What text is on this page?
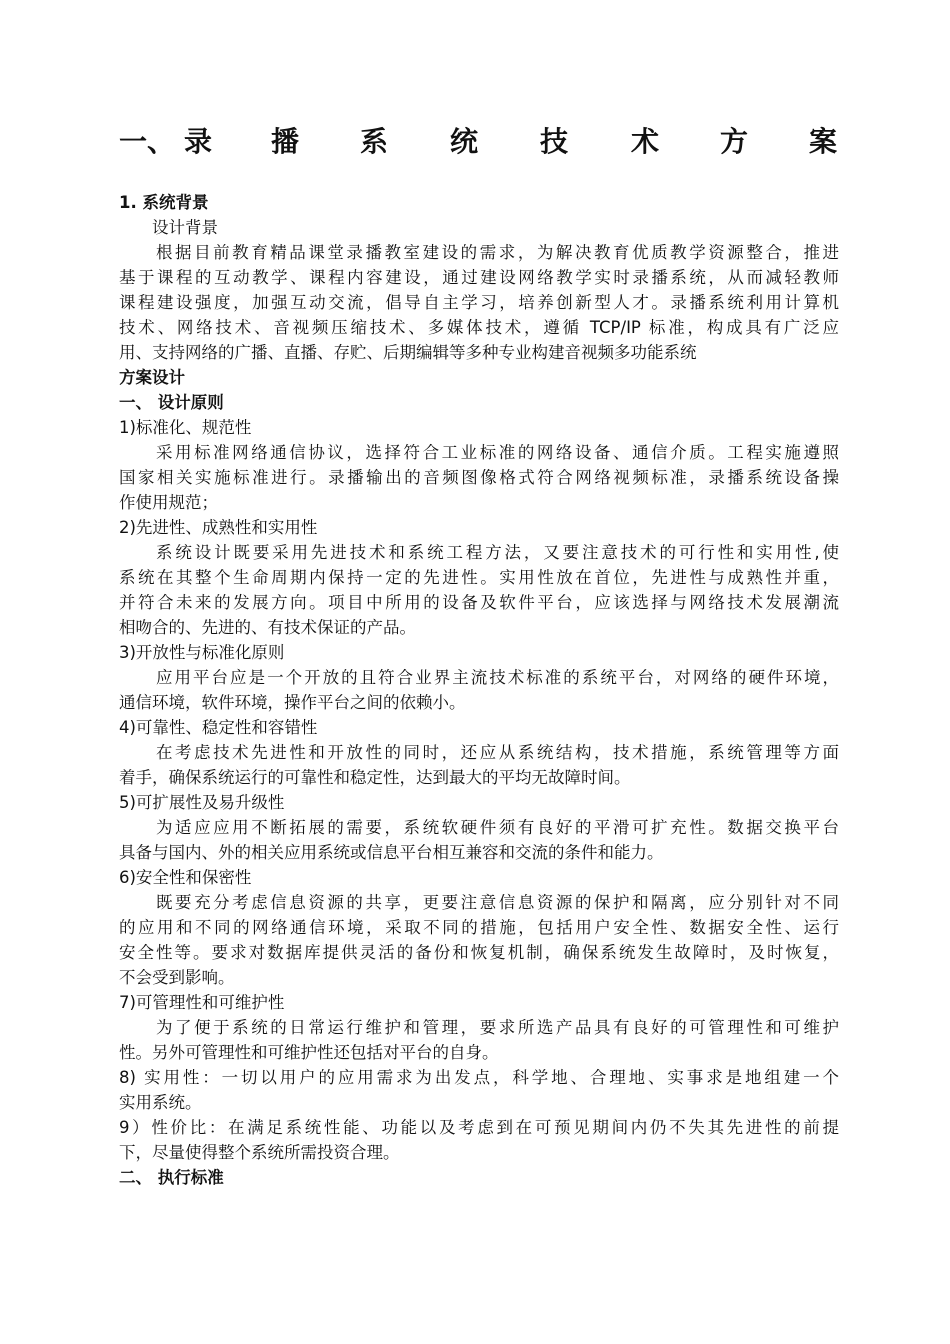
一、 录 播 系 统 技 术 方 案
1. 系统背景
设计背景
根据目前教育精品课堂录播教室建设的需求，为解决教育优质教学资源整合，推进
基于课程的互动教学、课程内容建设，通过建设网络教学实时录播系统，从而减轻教师
课程建设强度，加强互动交流，倡导自主学习，培养创新型人才。录播系统利用计算机
技术、网络技术、音视频压缩技术、多媒体技术，遵循 TCP/IP 标准，构成具有广泛应
用、支持网络的广播、直播、存贮、后期编辑等多种专业构建音视频多功能系统
方案设计
一、 设计原则
1)标准化、规范性
采用标准网络通信协议，选择符合工业标准的网络设备、通信介质。工程实施遵照
国家相关实施标准进行。录播输出的音频图像格式符合网络视频标准，录播系统设备操
作使用规范；
2)先进性、成熟性和实用性
系统设计既要采用先进技术和系统工程方法，又要注意技术的可行性和实用性,使
系统在其整个生命周期内保持一定的先进性。实用性放在首位，先进性与成熟性并重，
并符合未来的发展方向。项目中所用的设备及软件平台，应该选择与网络技术发展潮流
相吻合的、先进的、有技术保证的产品。
3)开放性与标准化原则
应用平台应是一个开放的且符合业界主流技术标准的系统平台，对网络的硬件环境，
通信环境，软件环境，操作平台之间的依赖小。
4)可靠性、稳定性和容错性
在考虑技术先进性和开放性的同时，还应从系统结构，技术措施，系统管理等方面
着手，确保系统运行的可靠性和稳定性，达到最大的平均无故障时间。
5)可扩展性及易升级性
为适应应用不断拓展的需要，系统软硬件须有良好的平滑可扩充性。数据交换平台
具备与国内、外的相关应用系统或信息平台相互兼容和交流的条件和能力。
6)安全性和保密性
既要充分考虑信息资源的共享，更要注意信息资源的保护和隔离，应分别针对不同
的应用和不同的网络通信环境，采取不同的措施，包括用户安全性、数据安全性、运行
安全性等。要求对数据库提供灵活的备份和恢复机制，确保系统发生故障时，及时恢复，
不会受到影响。
7)可管理性和可维护性
为了便于系统的日常运行维护和管理，要求所选产品具有良好的可管理性和可维护
性。另外可管理性和可维护性还包括对平台的自身。
8) 实用性：一切以用户的应用需求为出发点，科学地、合理地、实事求是地组建一个
实用系统。
9）性价比：在满足系统性能、功能以及考虑到在可预见期间内仍不失其先进性的前提
下，尽量使得整个系统所需投资合理。
二、 执行标准
